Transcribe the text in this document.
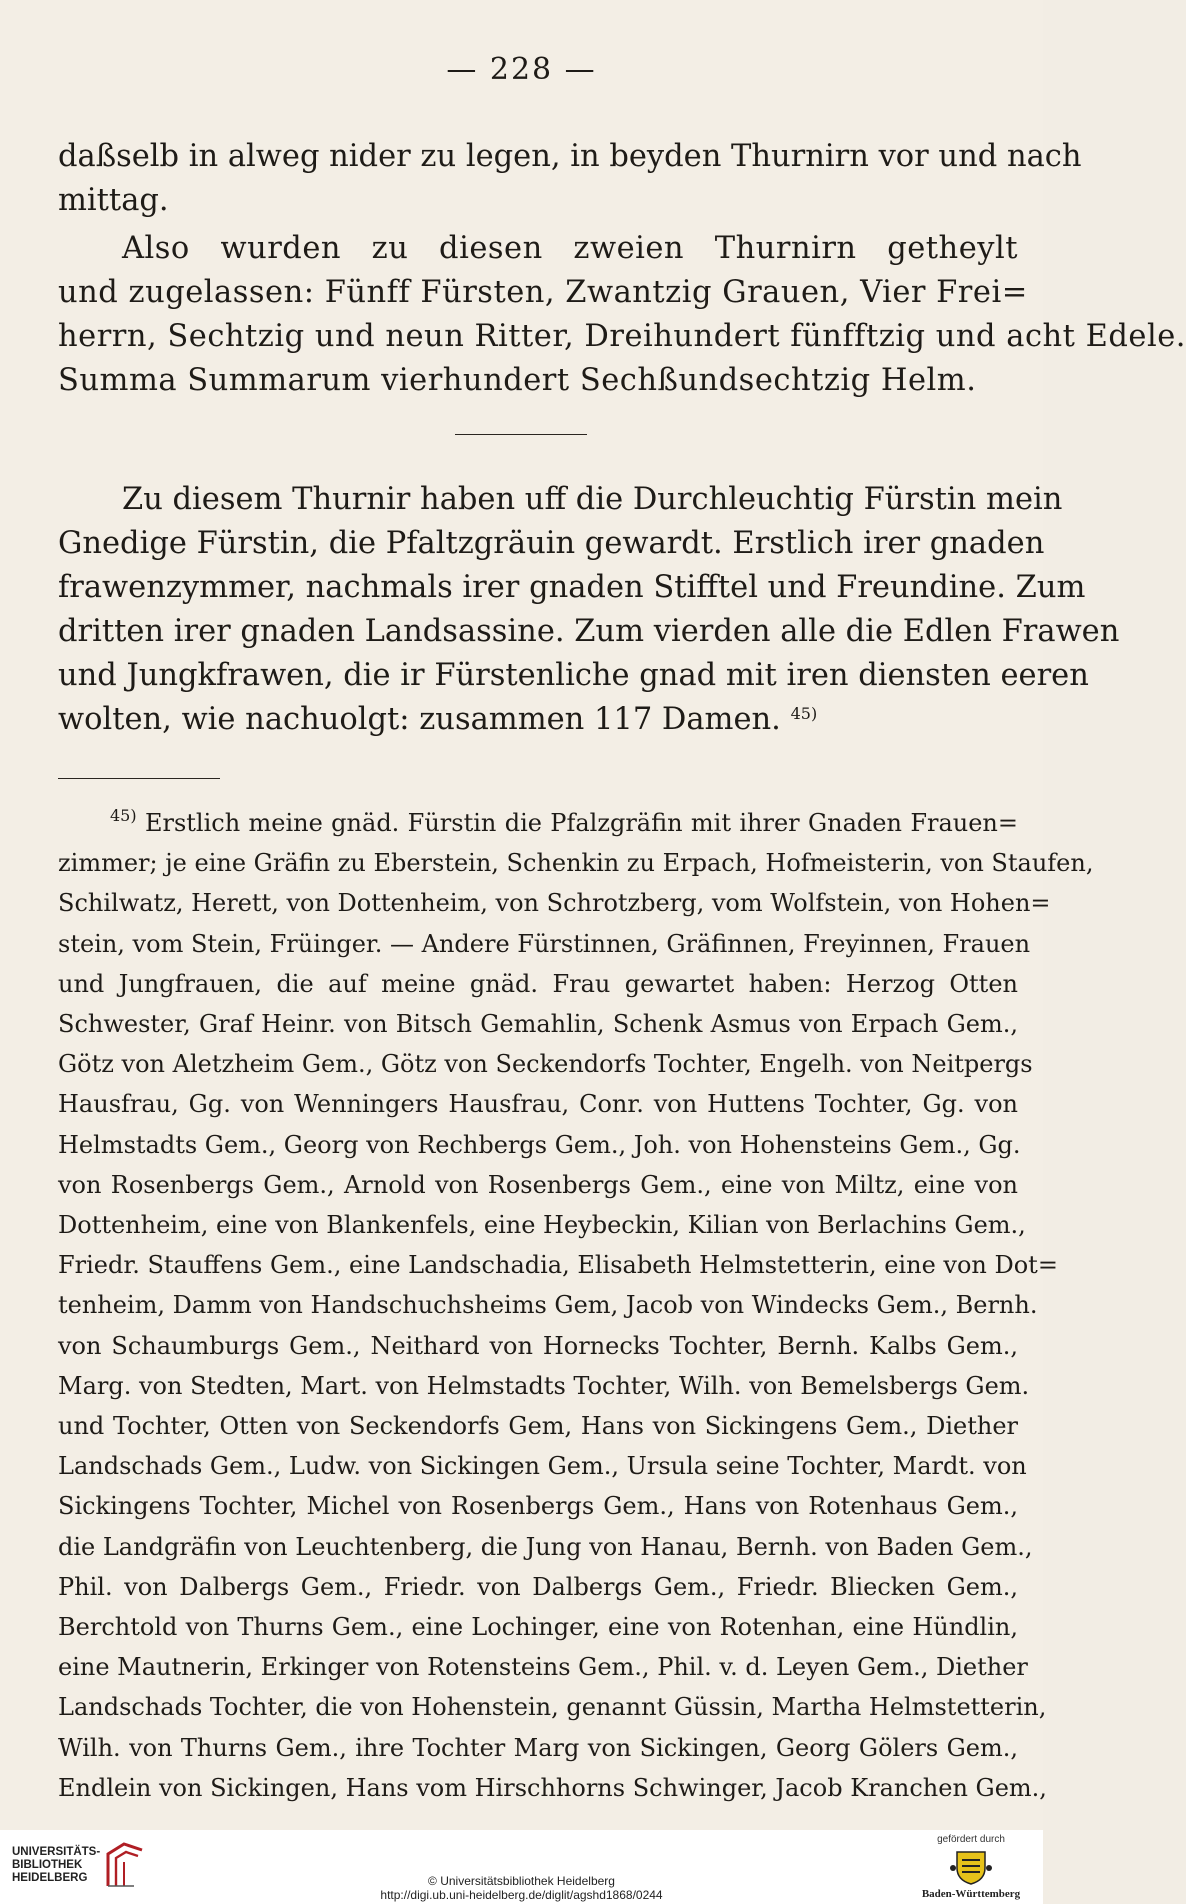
— 228 —
daßselb in alweg nider zu legen, in beyden Thurnirn vor und nach
mittag.
Also wurden zu diesen zweien Thurnirn getheylt
und zugelassen: Fünff Fürsten, Zwantzig Grauen, Vier Frei=
herrn, Sechtzig und neun Ritter, Dreihundert fünfftzig und acht Edele.
Summa Summarum vierhundert Sechßundsechtzig Helm.
Zu diesem Thurnir haben uff die Durchleuchtig Fürstin mein
Gnedige Fürstin, die Pfaltzgräuin gewardt. Erstlich irer gnaden
frawenzymmer, nachmals irer gnaden Stifftel und Freundine. Zum
dritten irer gnaden Landsassine. Zum vierden alle die Edlen Frawen
und Jungkfrawen, die ir Fürstenliche gnad mit iren diensten eeren
wolten, wie nachuolgt: zusammen 117 Damen. $^{45)}$
$^{45)}$ Erstlich meine gnäd. Fürstin die Pfalzgräfin mit ihrer Gnaden Frauen=
zimmer; je eine Gräfin zu Eberstein, Schenkin zu Erpach, Hofmeisterin, von Staufen,
Schilwatz, Herett, von Dottenheim, von Schrotzberg, vom Wolfstein, von Hohen=
stein, vom Stein, Früinger. — Andere Fürstinnen, Gräfinnen, Freyinnen, Frauen
und Jungfrauen, die auf meine gnäd. Frau gewartet haben: Herzog Otten
Schwester, Graf Heinr. von Bitsch Gemahlin, Schenk Asmus von Erpach Gem.,
Götz von Aletzheim Gem., Götz von Seckendorfs Tochter, Engelh. von Neitpergs
Hausfrau, Gg. von Wenningers Hausfrau, Conr. von Huttens Tochter, Gg. von
Helmstadts Gem., Georg von Rechbergs Gem., Joh. von Hohensteins Gem., Gg.
von Rosenbergs Gem., Arnold von Rosenbergs Gem., eine von Miltz, eine von
Dottenheim, eine von Blankenfels, eine Heybeckin, Kilian von Berlachins Gem.,
Friedr. Stauffens Gem., eine Landschadia, Elisabeth Helmstetterin, eine von Dot=
tenheim, Damm von Handschuchsheims Gem, Jacob von Windecks Gem., Bernh.
von Schaumburgs Gem., Neithard von Hornecks Tochter, Bernh. Kalbs Gem.,
Marg. von Stedten, Mart. von Helmstadts Tochter, Wilh. von Bemelsbergs Gem.
und Tochter, Otten von Seckendorfs Gem, Hans von Sickingens Gem., Diether
Landschads Gem., Ludw. von Sickingen Gem., Ursula seine Tochter, Mardt. von
Sickingens Tochter, Michel von Rosenbergs Gem., Hans von Rotenhaus Gem.,
die Landgräfin von Leuchtenberg, die Jung von Hanau, Bernh. von Baden Gem.,
Phil. von Dalbergs Gem., Friedr. von Dalbergs Gem., Friedr. Bliecken Gem.,
Berchtold von Thurns Gem., eine Lochinger, eine von Rotenhan, eine Hündlin,
eine Mautnerin, Erkinger von Rotensteins Gem., Phil. v. d. Leyen Gem., Diether
Landschads Tochter, die von Hohenstein, genannt Güssin, Martha Helmstetterin,
Wilh. von Thurns Gem., ihre Tochter Marg von Sickingen, Georg Gölers Gem.,
Endlein von Sickingen, Hans vom Hirschhorns Schwinger, Jacob Kranchen Gem.,
UNIVERSITÄTS-
BIBLIOTHEK
HEIDELBERG	© Universitätsbibliothek Heidelberg
http://digi.ub.uni-heidelberg.de/diglit/agshd1868/0244
gefördert durch
Baden-Württemberg
